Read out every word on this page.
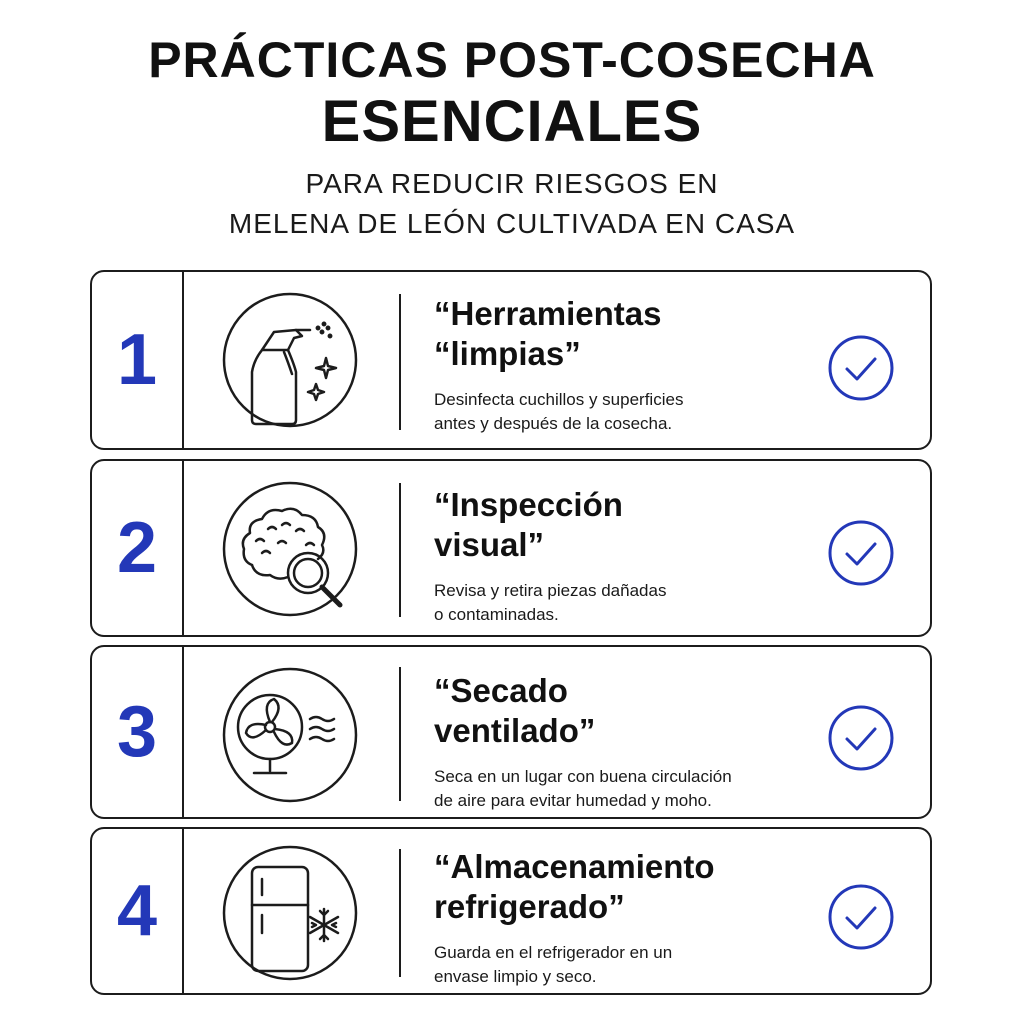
PRÁCTICAS POST-COSECHA
ESENCIALES
PARA REDUCIR RIESGOS EN
MELENA DE LEÓN CULTIVADA EN CASA
1
“Herramientas
“limpias”
Desinfecta cuchillos y superficies
antes y después de la cosecha.
2
“Inspección
visual”
Revisa y retira piezas dañadas
o contaminadas.
3
“Secado
ventilado”
Seca en un lugar con buena circulación
de aire para evitar humedad y moho.
4
“Almacenamiento
refrigerado”
Guarda en el refrigerador en un
envase limpio y seco.
